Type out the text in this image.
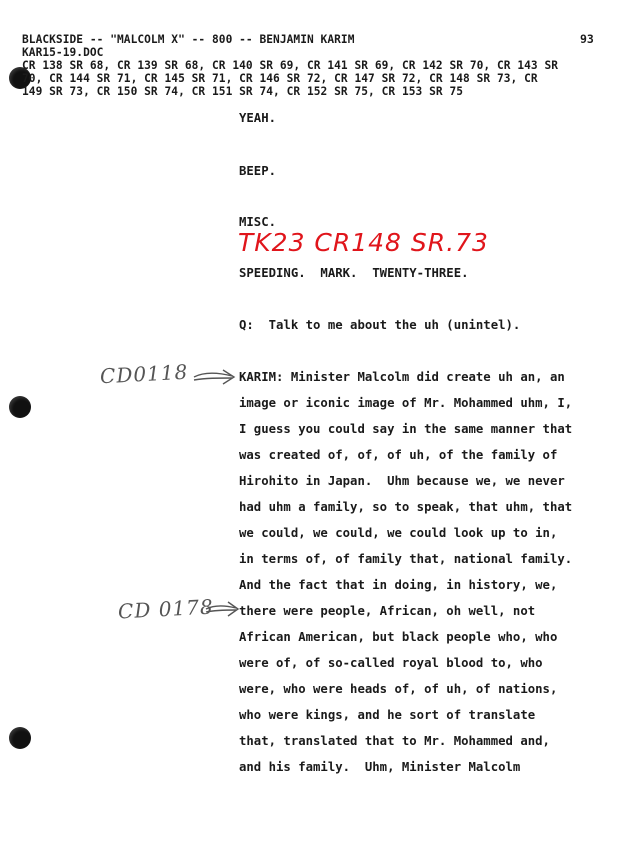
BLACKSIDE -- "MALCOLM X" -- 800 -- BENJAMIN KARIM	93
KAR15-19.DOC
CR 138 SR 68, CR 139 SR 68, CR 140 SR 69, CR 141 SR 69, CR 142 SR 70, CR 143 SR
70, CR 144 SR 71, CR 145 SR 71, CR 146 SR 72, CR 147 SR 72, CR 148 SR 73, CR
149 SR 73, CR 150 SR 74, CR 151 SR 74, CR 152 SR 75, CR 153 SR 75
YEAH.
BEEP.
MISC.
TK23 CR148 SR.73
SPEEDING.  MARK.  TWENTY-THREE.
Q:  Talk to me about the uh (unintel).
KARIM: Minister Malcolm did create uh an, an
image or iconic image of Mr. Mohammed uhm, I,
I guess you could say in the same manner that
was created of, of, of uh, of the family of
Hirohito in Japan.  Uhm because we, we never
had uhm a family, so to speak, that uhm, that
we could, we could, we could look up to in,
in terms of, of family that, national family.
And the fact that in doing, in history, we,
there were people, African, oh well, not
African American, but black people who, who
were of, of so-called royal blood to, who
were, who were heads of, of uh, of nations,
who were kings, and he sort of translate
that, translated that to Mr. Mohammed and,
and his family.  Uhm, Minister Malcolm
CD0118
CD 0178
